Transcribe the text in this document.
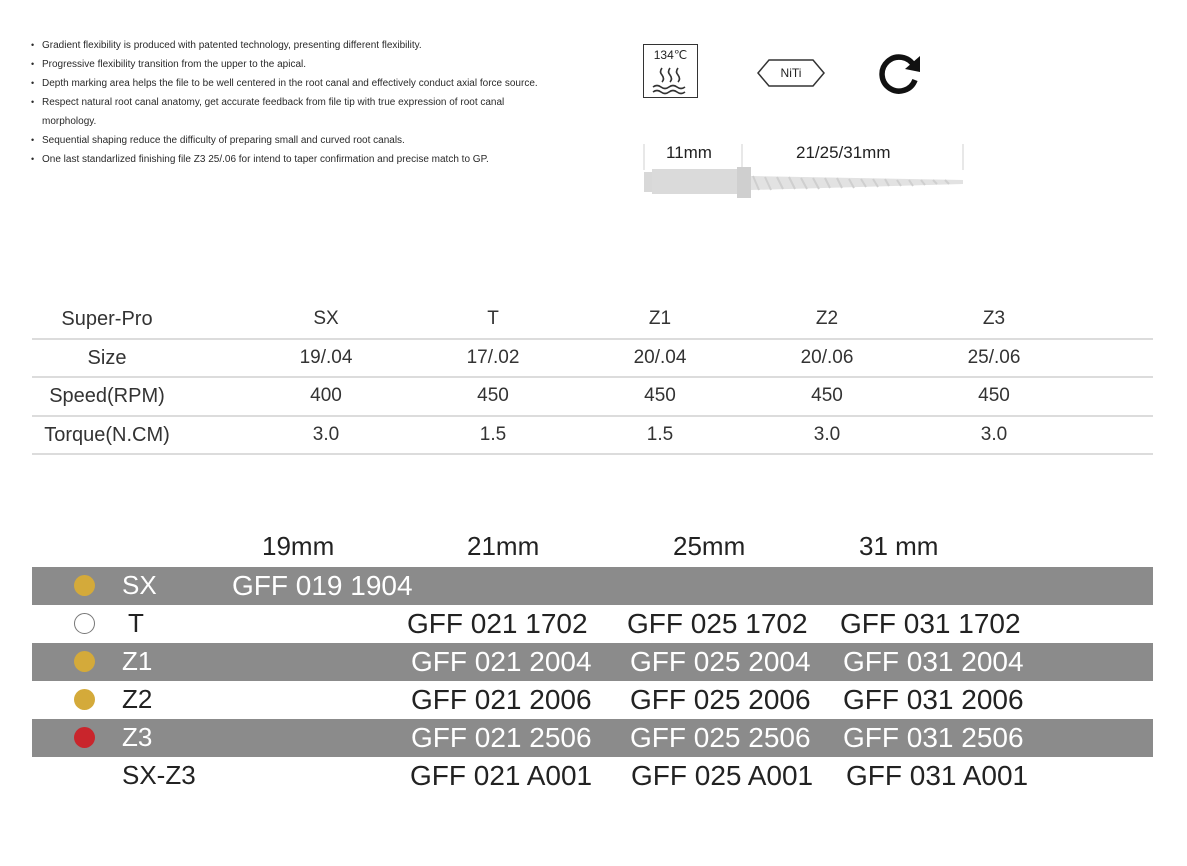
• Gradient flexibility is produced with patented technology, presenting different flexibility.
• Progressive flexibility transition from the upper to the apical.
• Depth marking area helps the file to be well centered in the root canal and effectively conduct axial force source.
• Respect natural root canal anatomy, get accurate feedback from file tip with true expression of root canal morphology.
• Sequential shaping reduce the difficulty of preparing small and curved root canals.
• One last standarlized finishing file Z3 25/.06 for intend to taper confirmation and precise match to GP.
134℃
NiTi
11mm	21/25/31mm
Super-Pro	SX	T	Z1	Z2	Z3
Size	19/.04	17/.02	20/.04	20/.06	25/.06
Speed(RPM)	400	450	450	450	450
Torque(N.CM)	3.0	1.5	1.5	3.0	3.0
19mm	21mm	25mm	31 mm
SX	GFF 019 1904
T	GFF 021 1702 GFF 025 1702 GFF 031 1702
Z1	GFF 021 2004 GFF 025 2004 GFF 031 2004
Z2	GFF 021 2006 GFF 025 2006 GFF 031 2006
Z3	GFF 021 2506 GFF 025 2506 GFF 031 2506
SX-Z3	GFF 021 A001 GFF 025 A001 GFF 031 A001
